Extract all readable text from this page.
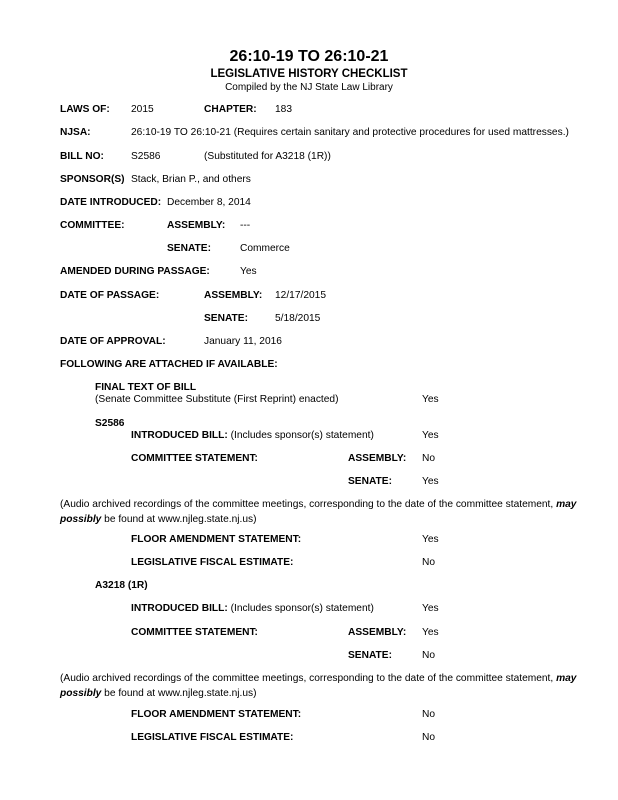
26:10-19 TO 26:10-21
LEGISLATIVE HISTORY CHECKLIST
Compiled by the NJ State Law Library
LAWS OF: 2015	CHAPTER: 183
NJSA:	26:10-19 TO 26:10-21 (Requires certain sanitary and protective procedures for used mattresses.)
BILL NO:	S2586	(Substituted for A3218 (1R))
SPONSOR(S) Stack, Brian P., and others
DATE INTRODUCED: December 8, 2014
COMMITTEE:	ASSEMBLY: ---
SENATE:	Commerce
AMENDED DURING PASSAGE:	Yes
DATE OF PASSAGE:	ASSEMBLY: 12/17/2015
SENATE:	5/18/2015
DATE OF APPROVAL:	January 11, 2016
FOLLOWING ARE ATTACHED IF AVAILABLE:
FINAL TEXT OF BILL
(Senate Committee Substitute (First Reprint) enacted)	Yes
S2586
INTRODUCED BILL: (Includes sponsor(s) statement)	Yes
COMMITTEE STATEMENT:	ASSEMBLY: No
SENATE:	Yes
(Audio archived recordings of the committee meetings, corresponding to the date of the committee statement, may possibly be found at www.njleg.state.nj.us)
FLOOR AMENDMENT STATEMENT:	Yes
LEGISLATIVE FISCAL ESTIMATE:	No
A3218 (1R)
INTRODUCED BILL: (Includes sponsor(s) statement)	Yes
COMMITTEE STATEMENT:	ASSEMBLY: Yes
SENATE:	No
(Audio archived recordings of the committee meetings, corresponding to the date of the committee statement, may possibly be found at www.njleg.state.nj.us)
FLOOR AMENDMENT STATEMENT:	No
LEGISLATIVE FISCAL ESTIMATE:	No
